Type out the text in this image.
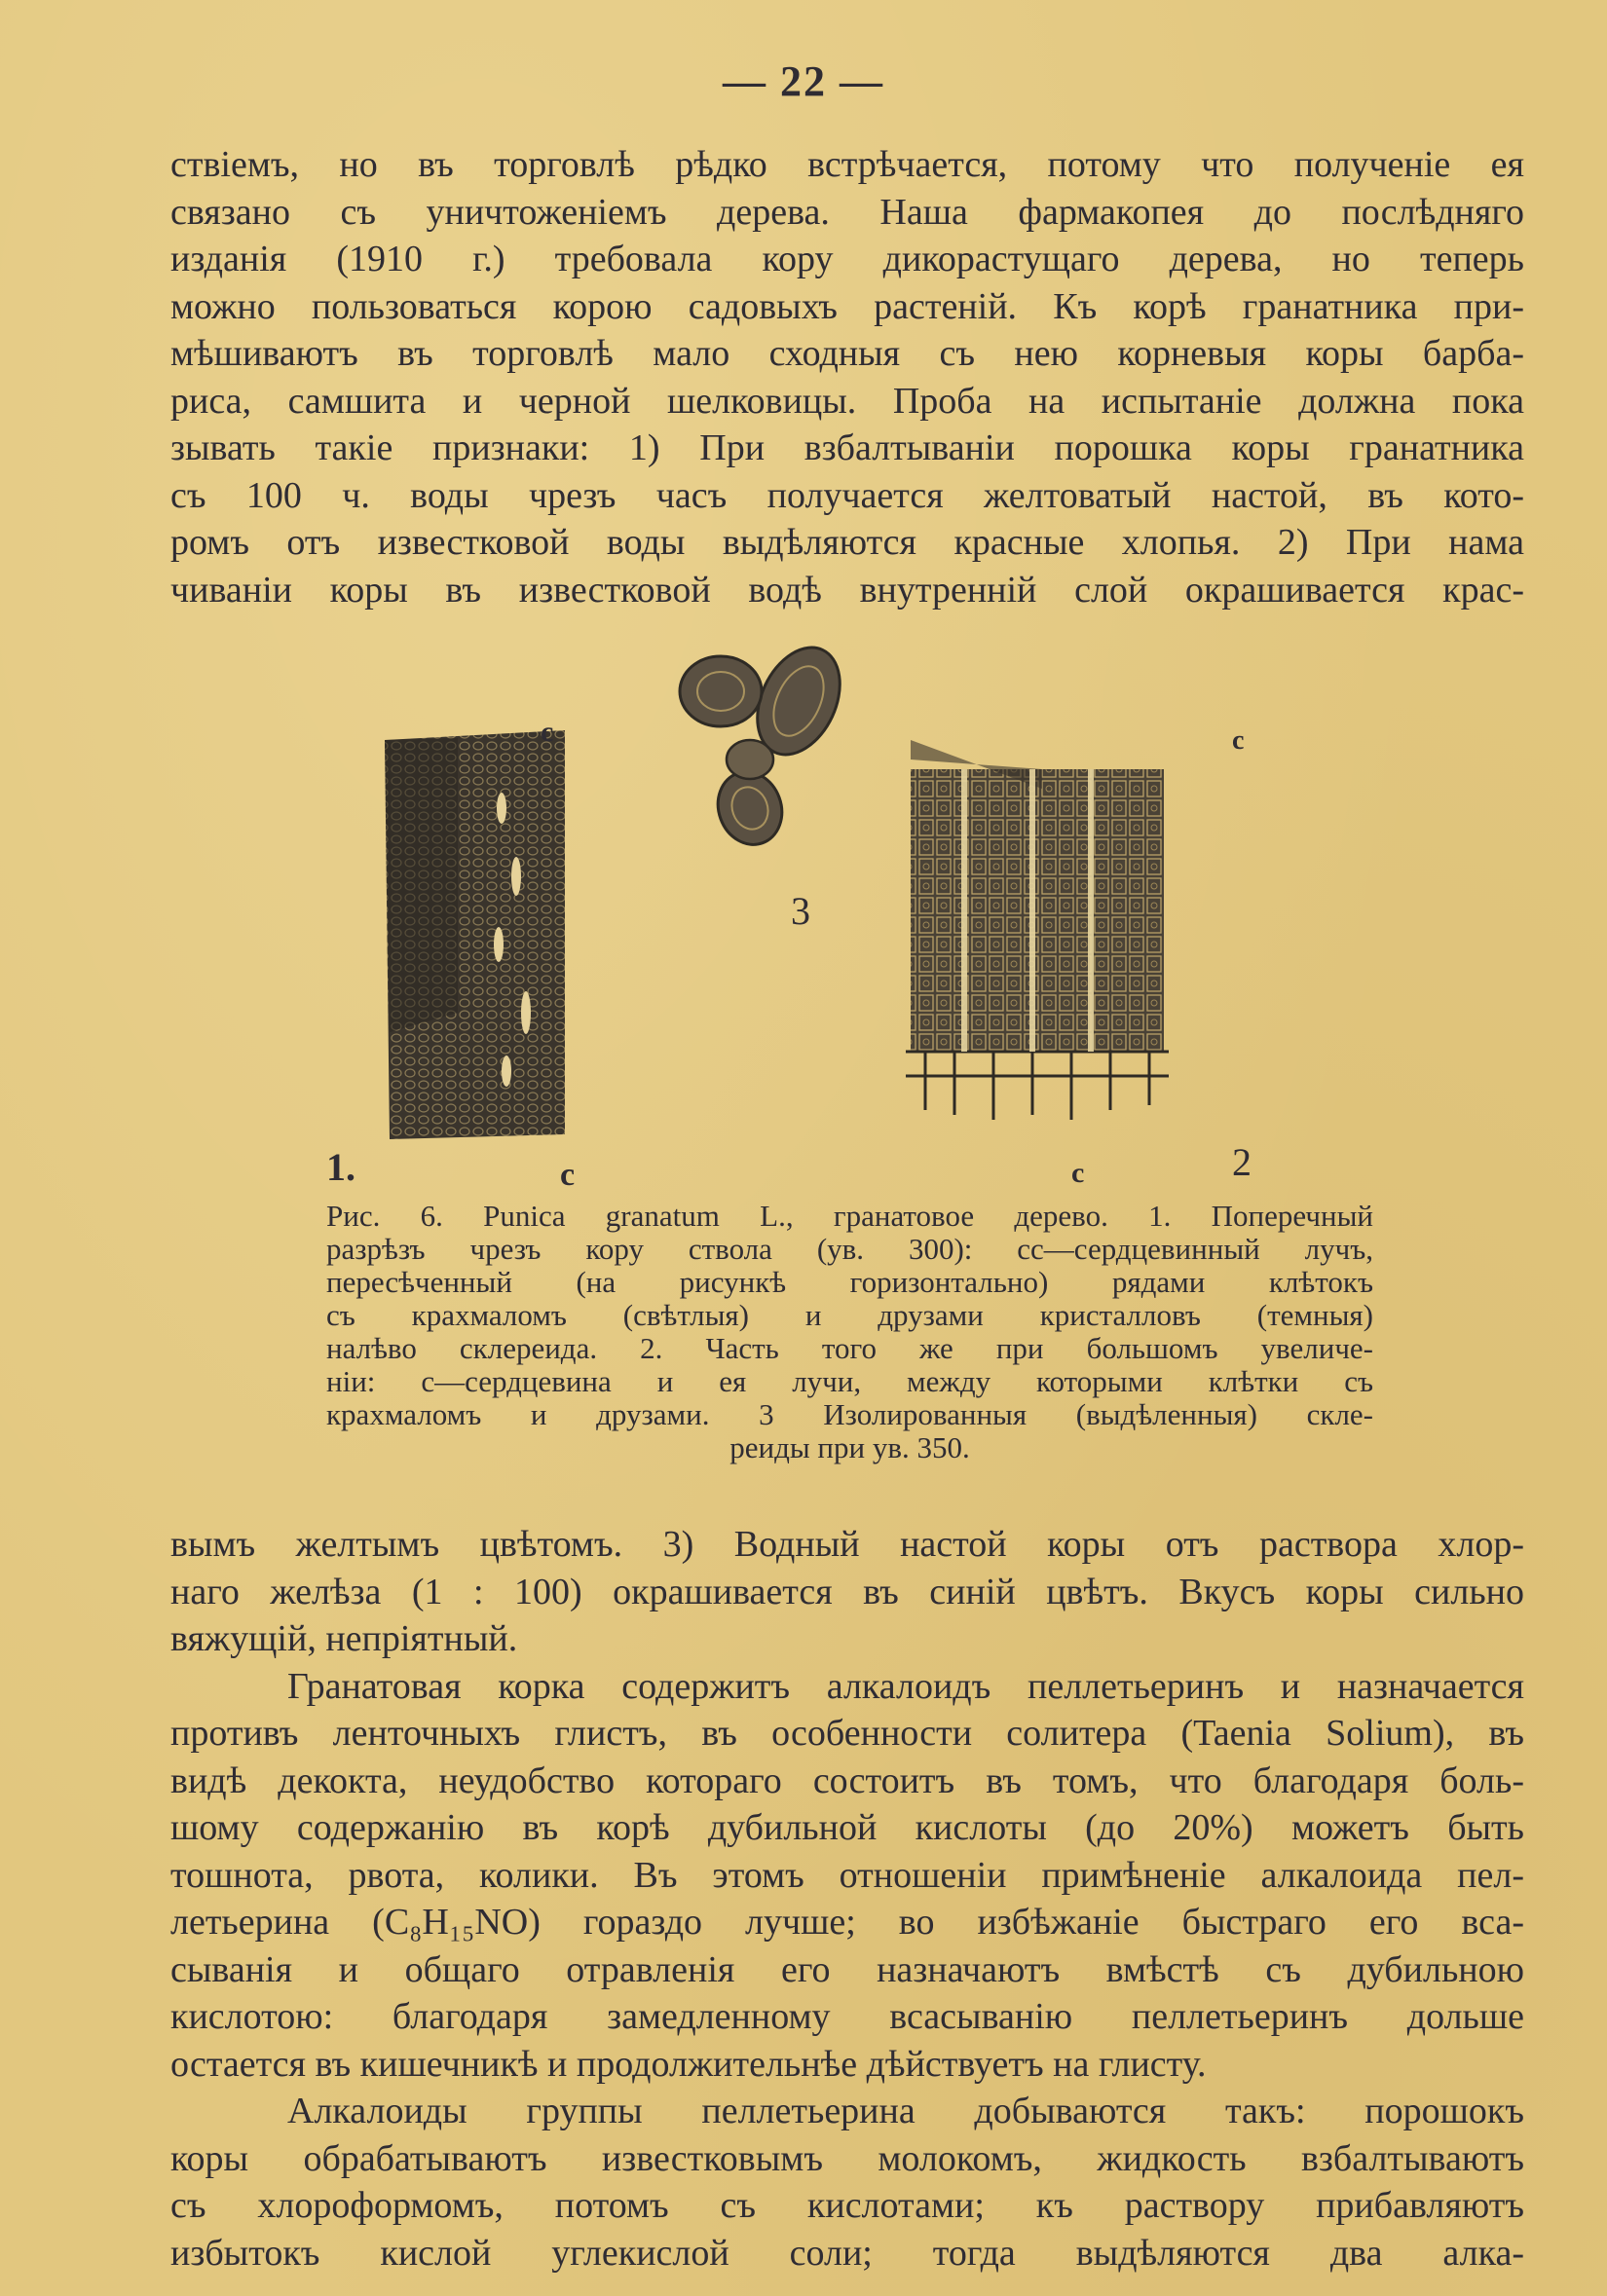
— 22 —
ствіемъ, но въ торговлѣ рѣдко встрѣчается, потому что полученіе ея
связано съ уничтоженіемъ дерева. Наша фармакопея до послѣдняго
изданія (1910 г.) требовала кору дикорастущаго дерева, но теперь
можно пользоваться корою садовыхъ растеній. Къ корѣ гранатника при-
мѣшиваютъ въ торговлѣ мало сходныя съ нею корневыя коры барба-
риса, самшита и черной шелковицы. Проба на испытаніе должна пока
зывать такіе признаки: 1) При взбалтываніи порошка коры гранатника
съ 100 ч. воды чрезъ часъ получается желтоватый настой, въ кото-
ромъ отъ известковой воды выдѣляются красные хлопья. 2) При нама
чиваніи коры въ известковой водѣ внутренній слой окрашивается крас-
c
c
1.
3
2
c
c
Рис. 6. Punica granatum L., гранатовое дерево. 1. Поперечный
разрѣзъ чрезъ кору ствола (ув. 300): сс—сердцевинный лучъ,
пересѣченный (на рисункѣ горизонтально) рядами клѣтокъ
съ крахмаломъ (свѣтлыя) и друзами кристалловъ (темныя)
налѣво склереида. 2. Часть того же при большомъ увеличе-
ніи: с—сердцевина и ея лучи, между которыми клѣтки съ
крахмаломъ и друзами. 3 Изолированныя (выдѣленныя) скле-
реиды при ув. 350.
вымъ желтымъ цвѣтомъ. 3) Водный настой коры отъ раствора хлор-
наго желѣза (1 : 100) окрашивается въ синій цвѣтъ. Вкусъ коры сильно
вяжущій, непріятный.
Гранатовая корка содержитъ алкалоидъ пеллетьеринъ и назначается
противъ ленточныхъ глистъ, въ особенности солитера (Taenia Solium), въ
видѣ декокта, неудобство котораго состоитъ въ томъ, что благодаря боль-
шому содержанію въ корѣ дубильной кислоты (до 20%) можетъ быть
тошнота, рвота, колики. Въ этомъ отношеніи примѣненіе алкалоида пел-
летьерина (C₈H₁₅NO) гораздо лучше; во избѣжаніе быстраго его вса-
сыванія и общаго отравленія его назначаютъ вмѣстѣ съ дубильною
кислотою: благодаря замедленному всасыванію пеллетьеринъ дольше
остается въ кишечникѣ и продолжительнѣе дѣйствуетъ на глисту.
Алкалоиды группы пеллетьерина добываются такъ: порошокъ
коры обрабатываютъ известковымъ молокомъ, жидкость взбалтываютъ
съ хлороформомъ, потомъ съ кислотами; къ раствору прибавляютъ
избытокъ кислой углекислой соли; тогда выдѣляются два алка-
